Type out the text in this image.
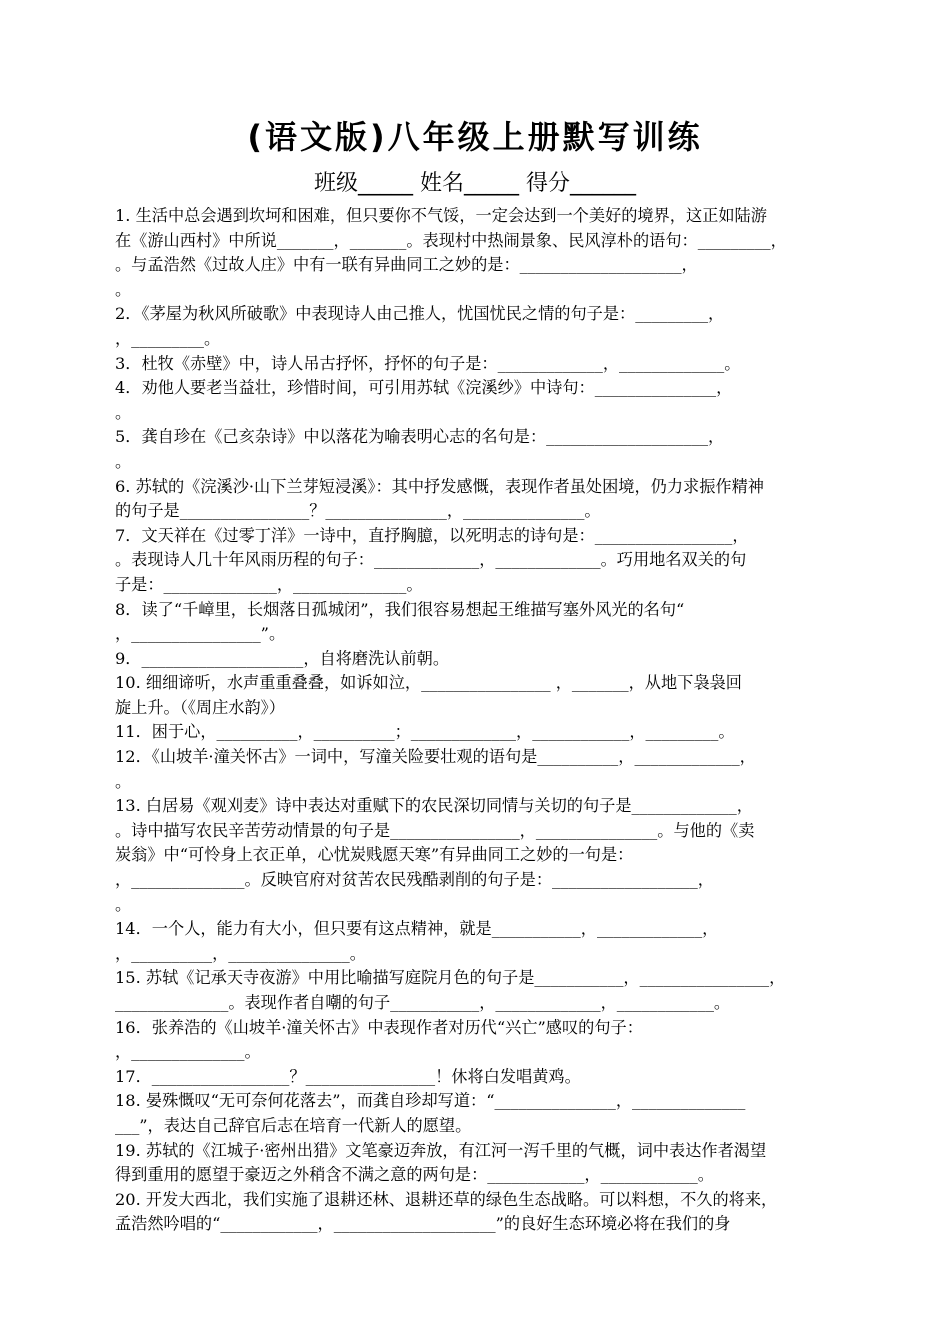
(语文版)八年级上册默写训练
班级_____ 姓名_____ 得分______
1. 生活中总会遇到坎坷和困难，但只要你不气馁，一定会达到一个美好的境界，这正如陆游
在《游山西村》中所说_______，_______。表现村中热闹景象、民风淳朴的语句：_________，
。与孟浩然《过故人庄》中有一联有异曲同工之妙的是：____________________，
。
2．《茅屋为秋风所破歌》中表现诗人由己推人，忧国忧民之情的句子是：_________，
，_________。
3．杜牧《赤壁》中，诗人吊古抒怀，抒怀的句子是：_____________，_____________。
4．劝他人要老当益壮，珍惜时间，可引用苏轼《浣溪纱》中诗句：_______________，
。
5．龚自珍在《己亥杂诗》中以落花为喻表明心志的名句是：____________________，
。
6. 苏轼的《浣溪沙·山下兰芽短浸溪》：其中抒发感慨，表现作者虽处困境，仍力求振作精神
的句子是________________？_______________，_______________。
7．文天祥在《过零丁洋》一诗中，直抒胸臆，以死明志的诗句是：_________________，
。表现诗人几十年风雨历程的句子：_____________，_____________。巧用地名双关的句
子是：______________，______________。
8．读了“千嶂里，长烟落日孤城闭”，我们很容易想起王维描写塞外风光的名句“
，________________”。
9．____________________，自将磨洗认前朝。
10. 细细谛听，水声重重叠叠，如诉如泣，________________ ，_______，从地下袅袅回
旋上升。（《周庄水韵》）
11．困于心，__________，__________；_____________，____________，_________。
12．《山坡羊·潼关怀古》一词中，写潼关险要壮观的语句是__________，_____________，
。
13. 白居易《观刈麦》诗中表达对重赋下的农民深切同情与关切的句子是_____________，
。诗中描写农民辛苦劳动情景的句子是________________，_______________。与他的《卖
炭翁》中“可怜身上衣正单，心忧炭贱愿天寒”有异曲同工之妙的一句是：
，______________。反映官府对贫苦农民残酷剥削的句子是：__________________，
。
14．一个人，能力有大小，但只要有这点精神，就是___________，_____________，
，__________，_______________。
15. 苏轼《记承天寺夜游》中用比喻描写庭院月色的句子是___________，________________，
______________。表现作者自嘲的句子___________，_____________，____________。
16．张养浩的《山坡羊·潼关怀古》中表现作者对历代“兴亡”感叹的句子：
，______________。
17．_________________？________________！休将白发唱黄鸡。
18. 晏殊慨叹“无可奈何花落去”，而龚自珍却写道：“_______________，______________
___”，表达自己辞官后志在培育一代新人的愿望。
19. 苏轼的《江城子·密州出猎》文笔豪迈奔放，有江河一泻千里的气概，词中表达作者渴望
得到重用的愿望于豪迈之外稍含不满之意的两句是：____________，____________。
20. 开发大西北，我们实施了退耕还林、退耕还草的绿色生态战略。可以料想，不久的将来，
孟浩然吟唱的“____________，____________________”的良好生态环境必将在我们的身
